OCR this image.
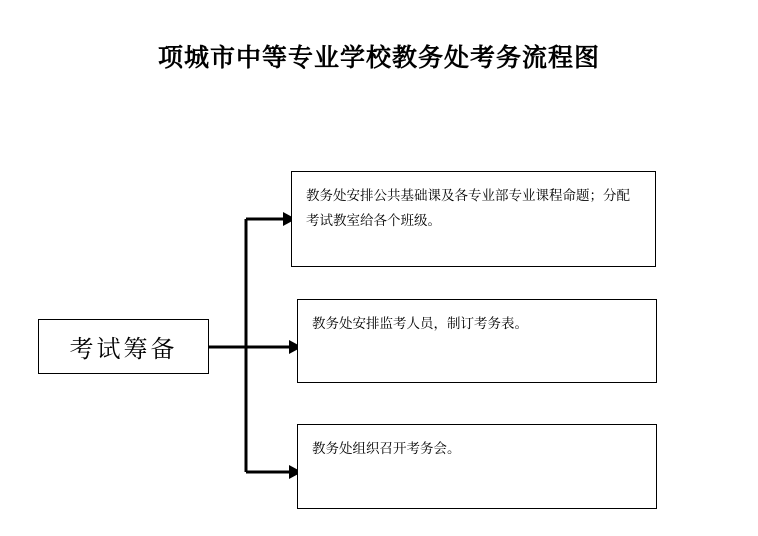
项城市中等专业学校教务处考务流程图
考试筹备
教务处安排公共基础课及各专业部专业课程命题；分配考试教室给各个班级。
教务处安排监考人员，制订考务表。
教务处组织召开考务会。
